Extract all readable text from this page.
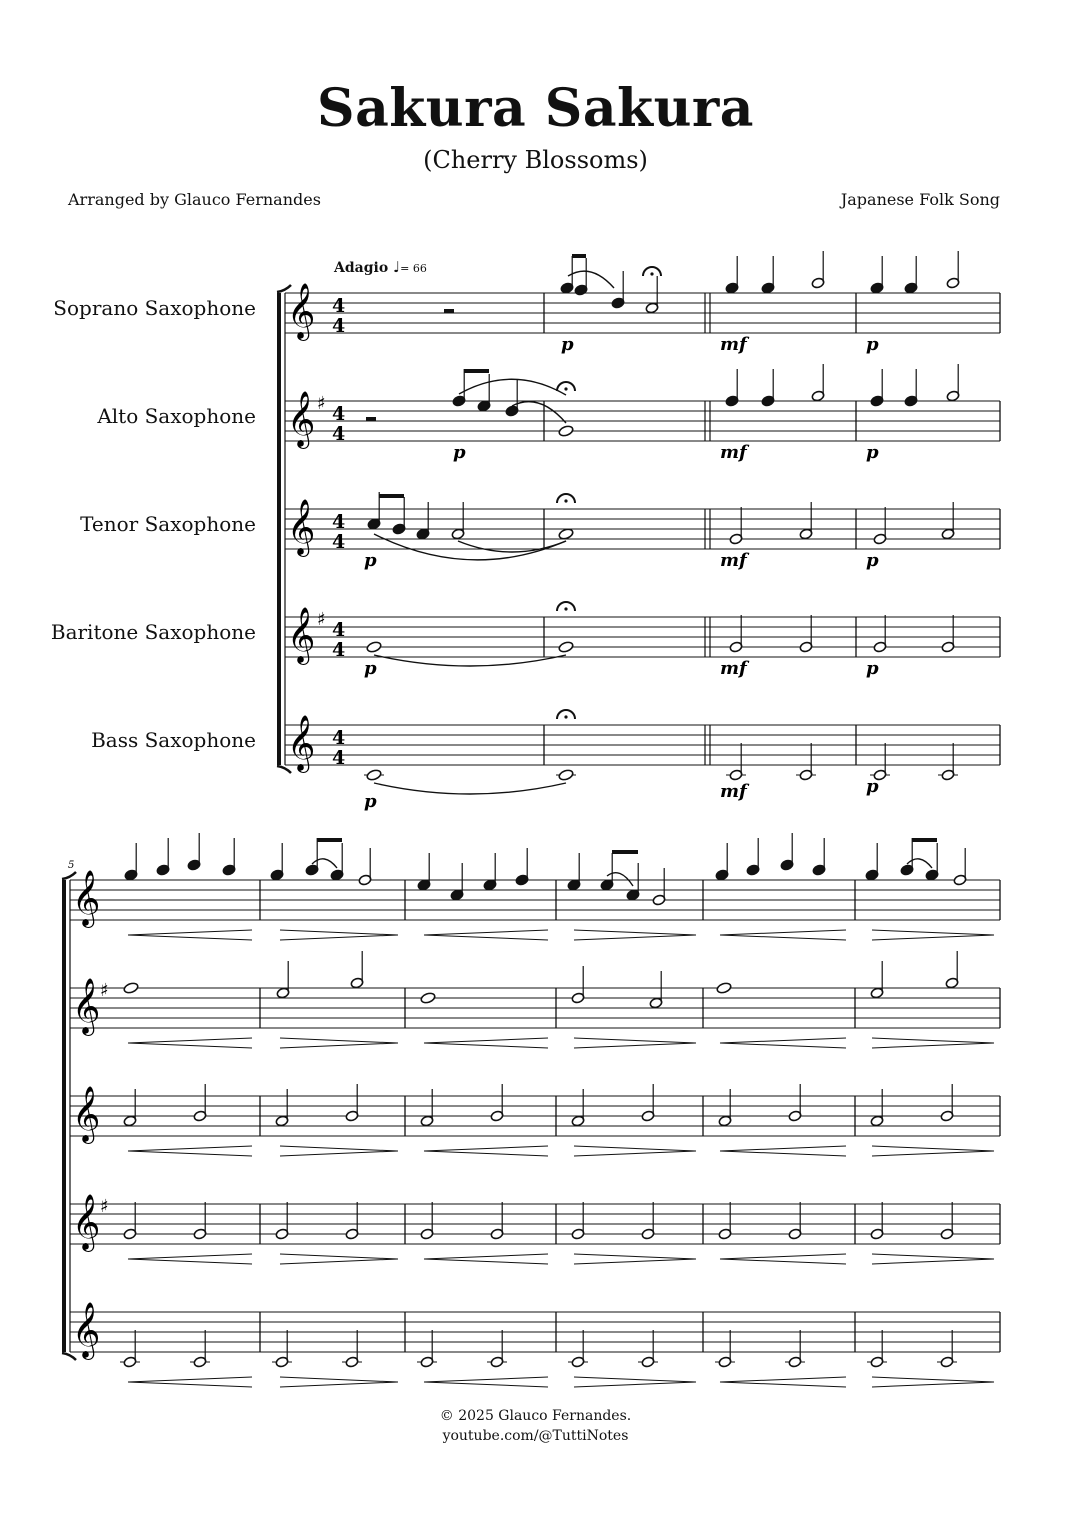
Sakura Sakura
(Cherry Blossoms)
Arranged by Glauco Fernandes	Japanese Folk Song
Adagio ♩= 66
Soprano Saxophone
Alto Saxophone
Tenor Saxophone
Baritone Saxophone
Bass Saxophone
𝄞 4
4
𝄞 ♯ 4
4
𝄞 4
4
𝄞 ♯ 4
4
𝄞 4
4
p	mf	p
p	mf	p
p	mf	p
p	mf	p
p	mf	p
𝄞
𝄞 ♯
𝄞
𝄞 ♯
𝄞
5
© 2025 Glauco Fernandes.
youtube.com/@TuttiNotes
